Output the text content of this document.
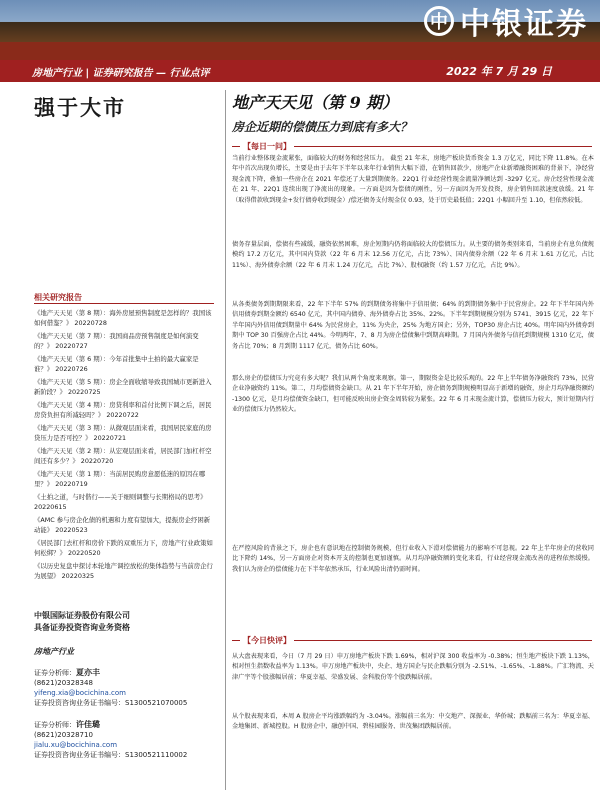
中 中银证券
房地产行业 | 证券研究报告 — 行业点评	2022 年 7 月 29 日
强于大市	地产天天见（第 9 期）
房企近期的偿债压力到底有多大？
【每日一问】
当前行业整体现金流紧张，面临较大的财务和经营压力。 截至 21 年末，房地产板块货币资金 1.3 万亿元，同比下降 11.8%。在本年中首次出现负增长，主要是由于去年下半年以来年行业销售大幅下滑，在销售回款少，房地产企业新增融资困难的背景下，净经营现金流下降，叠加一些房企在 2021 年偿还了大量到期债务。22Q1 行业经营性现金流量净额达到 -3297 亿元。房企经营性现金流在 21 年、22Q1 连续出现了净流出的现象。一方面是因为偿债的刚性，另一方面因为开发投资，房企销售回款速度放缓。21 年（取得借款收到现金+发行债券收到现金）/偿还债务支付现金仅 0.93，处于历史最低值；22Q1 小幅回升至 1.10，但依然较低。
债务存量层面，偿债有些减缓，融资依然困难，房企短期内仍将面临较大的偿债压力。从主要的债务类别来看，当前房企有息负债规模约 17.2 万亿元，其中国内贷款（22 年 6 月末 12.56 万亿元，占比 73%）、国内债券余额（22 年 6 月末 1.61 万亿元，占比 11%）、海外债券余额（22 年 6 月末 1.24 万亿元，占比 7%）、股权融资（约 1.57 万亿元，占比 9%）。
从各类债务到期期限来看，22 年下半年 57% 的到期债务将集中于信用债；64% 的到期债务集中于民营房企。22 年下半年国内外信用债券到期金额约 6540 亿元，其中国内债券、海外债券占比 35%、22%。下半年到期规模分别为 5741、3915 亿元，22 年下半年国内外信用债到期量中 64% 为民营房企，11% 为央企，25% 为地方国企；另外，TOP30 房企占比 40%。明年国内外债券到期中 TOP 30 百强房企占比 44%。今明两年，7、8 月为房企偿债集中到期高峰期。7 月国内外债务与信托到期规模 1310 亿元，债务占比 70%；8 月到期 1117 亿元，债务占比 60%。
那么房企的偿债压力究竟有多大呢？我们从两个角度来观察。第一，期限资金是比较乐观的。22 年上半年债务净融资约 73%，民营企业净融资约 11%。第二，月均偿债资金缺口。从 21 年下半年开始，房企债务到期规模明显高于新增的融资，房企月均净融资额约 -1300 亿元，是月均偿债资金缺口，但可能反映出房企资金周转较为紧张。22 年 6 月末现金流计算，偿债压力较大，预计短期内行业的偿债压力仍然较大。
在严控风险的背景之下，房企也有意识地在控制债务规模，但行业收入下滑对偿债能力的影响不可忽视。22 年上半年房企的营收同比下降约 14%，另一方面房企对资本开支的控制也更加谨慎。从月均净融资额的变化来看，行业经营现金流改善的进程依然缓慢。我们认为房企的偿债能力在下半年依然承压，行业风险出清仍需时间。
【今日快评】
从大盘表现来看，今日（7 月 29 日）申万房地产板块下跌 1.69%，相对沪深 300 收益率为 -0.38%；恒生地产板块下跌 1.13%，相对恒生指数收益率为 1.13%。申万房地产板块中，央企、地方国企与民企跌幅分别为 -2.51%、-1.65%、-1.88%。广汇物流、天津广宇等个股涨幅居前；华夏幸福、荣盛发展、金科股份等个股跌幅居前。
从个股表现来看，本周 A 股房企平均涨跌幅约为 -3.04%。涨幅前三名为：中交地产、深振业、华侨城；跌幅前三名为：华夏幸福、金地集团、新城控股。H 股房企中，融创中国、碧桂园服务、世茂集团跌幅居前。
相关研究报告
《地产天天见（第 8 期）：海外房屋预售制度是怎样的？我国该如何借鉴？》 20220728
《地产天天见（第 7 期）：我国商品房预售制度是如何演变的？》 20220727
《地产天天见（第 6 期）：今年首批集中土拍的最大赢家是谁？》 20220726
《地产天天见（第 5 期）：房企全面收缩导致我国城市更新进入新阶段？》 20220725
《地产天天见（第 4 期）：房贷利率和首付比例下调之后，居民房贷负担有所减轻吗？》 20220722
《地产天天见（第 3 期）：从微观层面来看，我国居民家庭的房贷压力是否可控？》 20220721
《地产天天见（第 2 期）：从宏观层面来看，居民部门加杠杆空间还有多少？》 20220720
《地产天天见（第 1 期）：当前居民购房意愿低迷的原因在哪里？》 20220719
《土拍之道，与时偕行——关于细则调整与长期格局的思考》 20220615
《AMC 参与房企化债的机遇和力度有望加大，提振房企纾困新动能》 20220523
《居民部门去杠杆和房价下跌的双重压力下，房地产行业政策如何松绑？》 20220520
《以历史复盘中探讨本轮地产调控放松的集体趋势与当前房企行为展望》 20220325
中银国际证券股份有限公司
具备证券投资咨询业务资格
房地产行业
证券分析师：夏亦丰
(8621)20328348
yifeng.xia@bocichina.com
证券投资咨询业务证书编号：S1300521070005
证券分析师：许佳璐
(8621)20328710
jialu.xu@bocichina.com
证券投资咨询业务证书编号：S1300521110002
